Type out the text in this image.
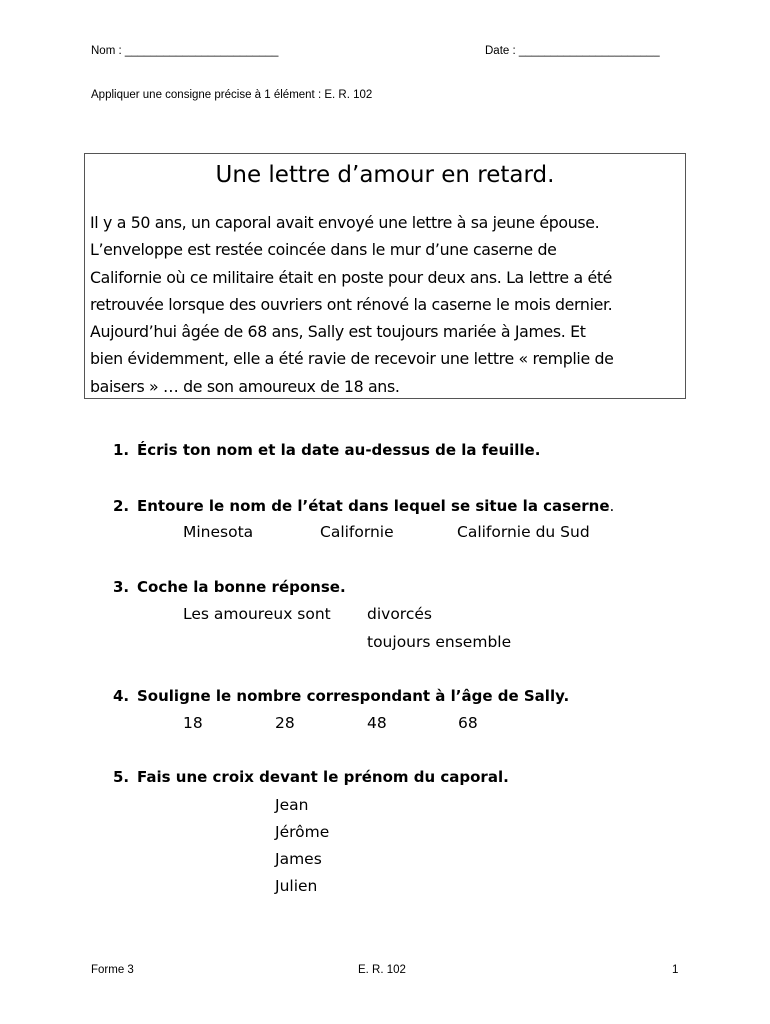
Nom : ________________________	Date : ______________________
Appliquer une consigne précise à 1 élément : E. R. 102
Une lettre d’amour en retard.
Il y a 50 ans, un caporal avait envoyé une lettre à sa jeune épouse.
L’enveloppe est restée coincée dans le mur d’une caserne de
Californie où ce militaire était en poste pour deux ans. La lettre a été
retrouvée lorsque des ouvriers ont rénové la caserne le mois dernier.
Aujourd’hui âgée de 68 ans, Sally est toujours mariée à James. Et
bien évidemment, elle a été ravie de recevoir une lettre « remplie de
baisers » … de son amoureux de 18 ans.
1. Écris ton nom et la date au-dessus de la feuille.
2. Entoure le nom de l’état dans lequel se situe la caserne.
Minesota	Californie	Californie du Sud
3. Coche la bonne réponse.
Les amoureux sont divorcés
toujours ensemble
4. Souligne le nombre correspondant à l’âge de Sally.
18	28	48	68
5. Fais une croix devant le prénom du caporal.
Jean
Jérôme
James
Julien
Forme 3	E. R. 102	1
